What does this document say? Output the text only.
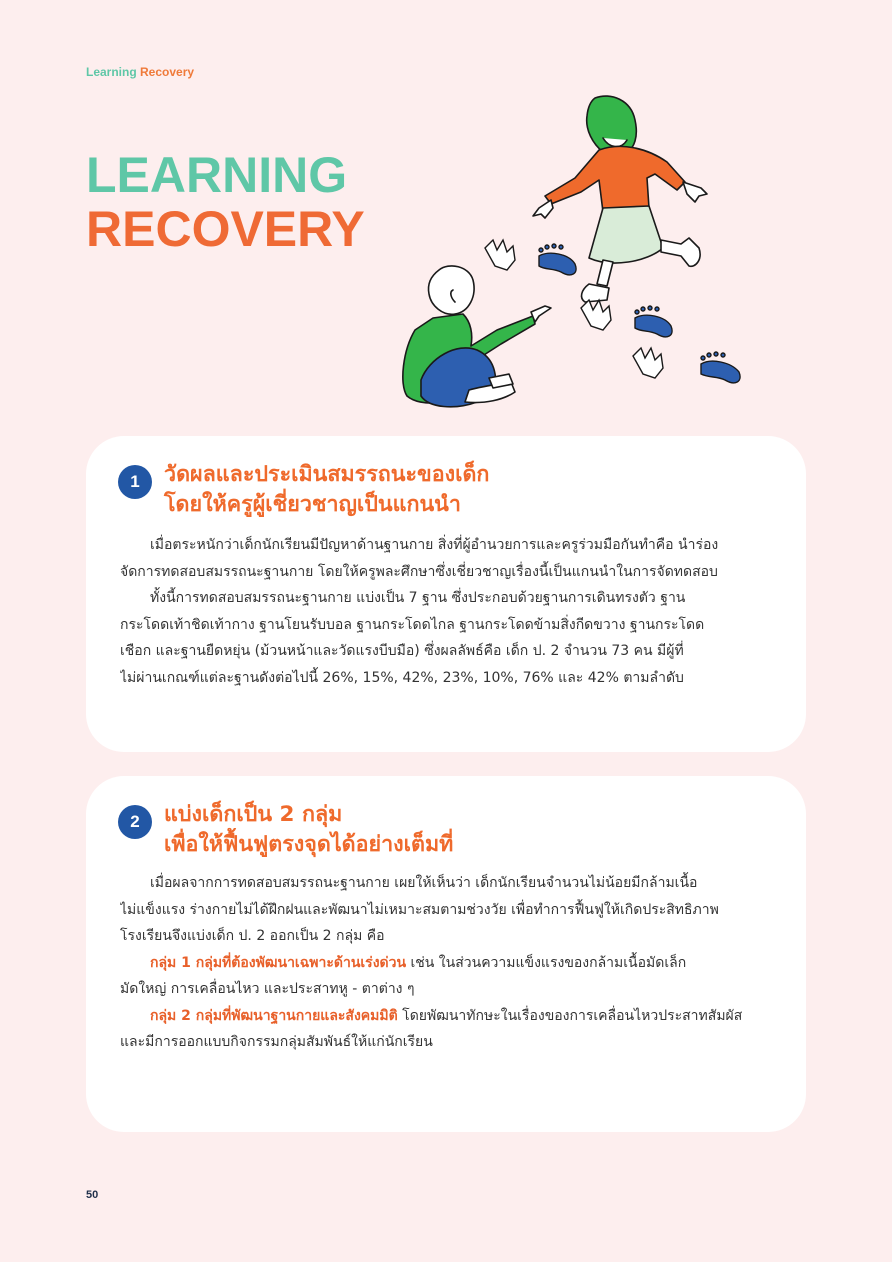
Learning Recovery
LEARNING
RECOVERY
1	วัดผลและประเมินสมรรถนะของเด็ก
โดยให้ครูผู้เชี่ยวชาญเป็นแกนนำ

เมื่อตระหนักว่าเด็กนักเรียนมีปัญหาด้านฐานกาย สิ่งที่ผู้อำนวยการและครูร่วมมือกันทำคือ นำร่อง

จัดการทดสอบสมรรถนะฐานกาย โดยให้ครูพละศึกษาซึ่งเชี่ยวชาญเรื่องนี้เป็นแกนนำในการจัดทดสอบ

ทั้งนี้การทดสอบสมรรถนะฐานกาย แบ่งเป็น 7 ฐาน ซึ่งประกอบด้วยฐานการเดินทรงตัว ฐาน

กระโดดเท้าชิดเท้ากาง ฐานโยนรับบอล ฐานกระโดดไกล ฐานกระโดดข้ามสิ่งกีดขวาง ฐานกระโดด

เชือก และฐานยืดหยุ่น (ม้วนหน้าและวัดแรงบีบมือ) ซึ่งผลลัพธ์คือ เด็ก ป. 2 จำนวน 73 คน มีผู้ที่

ไม่ผ่านเกณฑ์แต่ละฐานดังต่อไปนี้ 26%, 15%, 42%, 23%, 10%, 76% และ 42% ตามลำดับ

2	แบ่งเด็กเป็น 2 กลุ่ม
เพื่อให้ฟื้นฟูตรงจุดได้อย่างเต็มที่

เมื่อผลจากการทดสอบสมรรถนะฐานกาย เผยให้เห็นว่า เด็กนักเรียนจำนวนไม่น้อยมีกล้ามเนื้อ

ไม่แข็งแรง ร่างกายไม่ได้ฝึกฝนและพัฒนาไม่เหมาะสมตามช่วงวัย เพื่อทำการฟื้นฟูให้เกิดประสิทธิภาพ

โรงเรียนจึงแบ่งเด็ก ป. 2 ออกเป็น 2 กลุ่ม คือ

กลุ่ม 1 กลุ่มที่ต้องพัฒนาเฉพาะด้านเร่งด่วน เช่น ในส่วนความแข็งแรงของกล้ามเนื้อมัดเล็ก

มัดใหญ่ การเคลื่อนไหว และประสาทหู - ตาต่าง ๆ

กลุ่ม 2 กลุ่มที่พัฒนาฐานกายและสังคมมิติ โดยพัฒนาทักษะในเรื่องของการเคลื่อนไหวประสาทสัมผัส

และมีการออกแบบกิจกรรมกลุ่มสัมพันธ์ให้แก่นักเรียน

50
